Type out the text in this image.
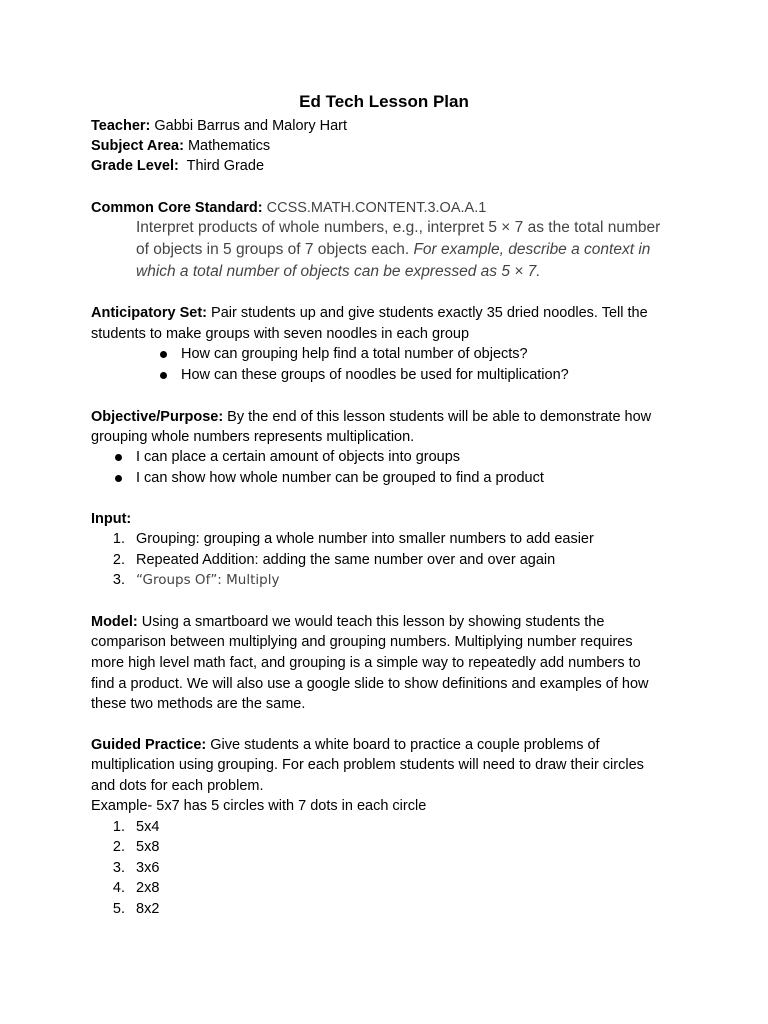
Ed Tech Lesson Plan
Teacher: Gabbi Barrus and Malory Hart
Subject Area: Mathematics
Grade Level:  Third Grade
Common Core Standard: CCSS.MATH.CONTENT.3.OA.A.1
Interpret products of whole numbers, e.g., interpret 5 × 7 as the total number
of objects in 5 groups of 7 objects each. For example, describe a context in
which a total number of objects can be expressed as 5 × 7.
Anticipatory Set: Pair students up and give students exactly 35 dried noodles. Tell the
students to make groups with seven noodles in each group
How can grouping help find a total number of objects?
How can these groups of noodles be used for multiplication?
Objective/Purpose: By the end of this lesson students will be able to demonstrate how
grouping whole numbers represents multiplication.
I can place a certain amount of objects into groups
I can show how whole number can be grouped to find a product
Input:
1. Grouping: grouping a whole number into smaller numbers to add easier
2. Repeated Addition: adding the same number over and over again
3. “Groups Of”: Multiply
Model: Using a smartboard we would teach this lesson by showing students the
comparison between multiplying and grouping numbers. Multiplying number requires
more high level math fact, and grouping is a simple way to repeatedly add numbers to
find a product. We will also use a google slide to show definitions and examples of how
these two methods are the same.
Guided Practice: Give students a white board to practice a couple problems of
multiplication using grouping. For each problem students will need to draw their circles
and dots for each problem.
Example- 5x7 has 5 circles with 7 dots in each circle
1. 5x4
2. 5x8
3. 3x6
4. 2x8
5. 8x2
